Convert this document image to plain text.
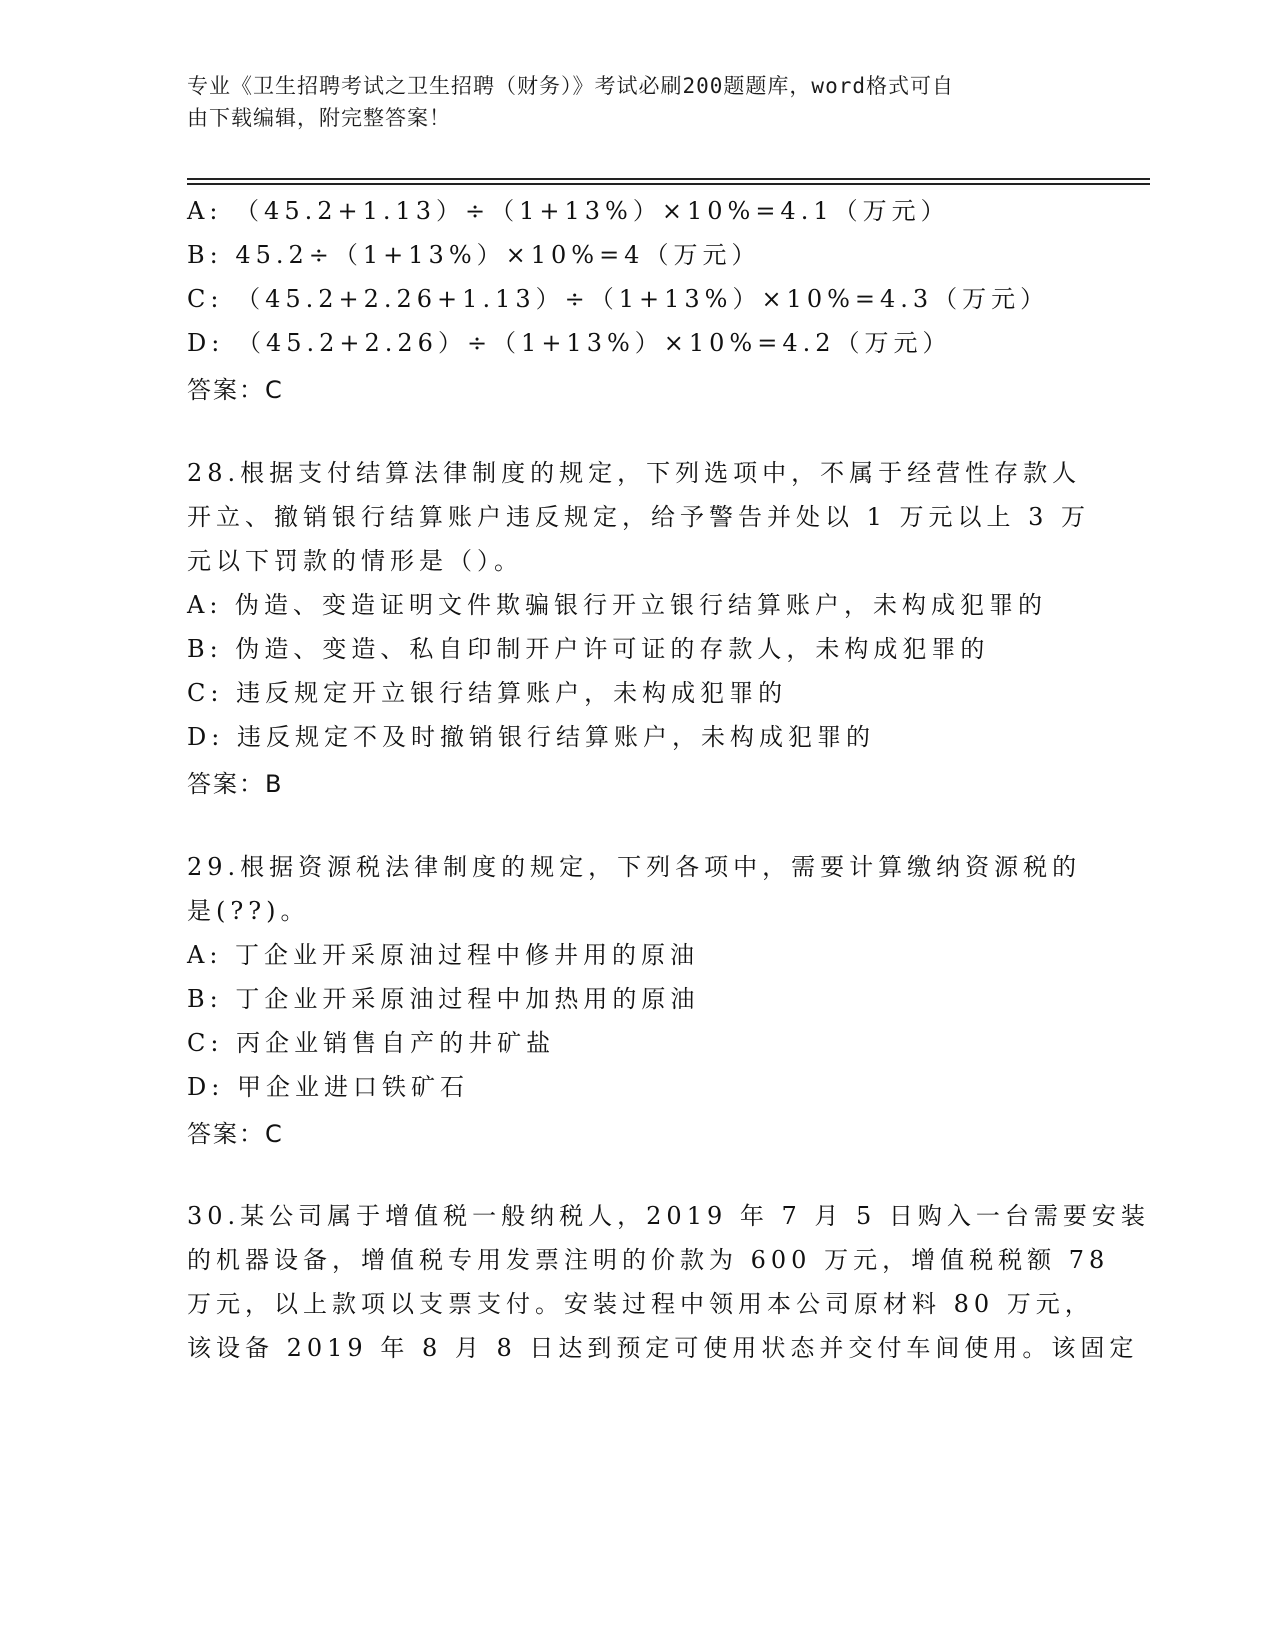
专业《卫生招聘考试之卫生招聘（财务）》考试必刷200题题库，word格式可自
由下载编辑，附完整答案！
A: （45.2+1.13）÷（1+13%）×10%=4.1（万元）
B: 45.2÷（1+13%）×10%=4（万元）
C: （45.2+2.26+1.13）÷（1+13%）×10%=4.3（万元）
D: （45.2+2.26）÷（1+13%）×10%=4.2（万元）
答案：C
28.根据支付结算法律制度的规定，下列选项中，不属于经营性存款人
开立、撤销银行结算账户违反规定，给予警告并处以 1 万元以上 3 万
元以下罚款的情形是（）。
A: 伪造、变造证明文件欺骗银行开立银行结算账户，未构成犯罪的
B: 伪造、变造、私自印制开户许可证的存款人，未构成犯罪的
C: 违反规定开立银行结算账户，未构成犯罪的
D: 违反规定不及时撤销银行结算账户，未构成犯罪的
答案：B
29.根据资源税法律制度的规定，下列各项中，需要计算缴纳资源税的
是(??)。
A: 丁企业开采原油过程中修井用的原油
B: 丁企业开采原油过程中加热用的原油
C: 丙企业销售自产的井矿盐
D: 甲企业进口铁矿石
答案：C
30.某公司属于增值税一般纳税人，2019 年 7 月 5 日购入一台需要安装
的机器设备，增值税专用发票注明的价款为 600 万元，增值税税额 78
万元，以上款项以支票支付。安装过程中领用本公司原材料 80 万元，
该设备 2019 年 8 月 8 日达到预定可使用状态并交付车间使用。该固定
